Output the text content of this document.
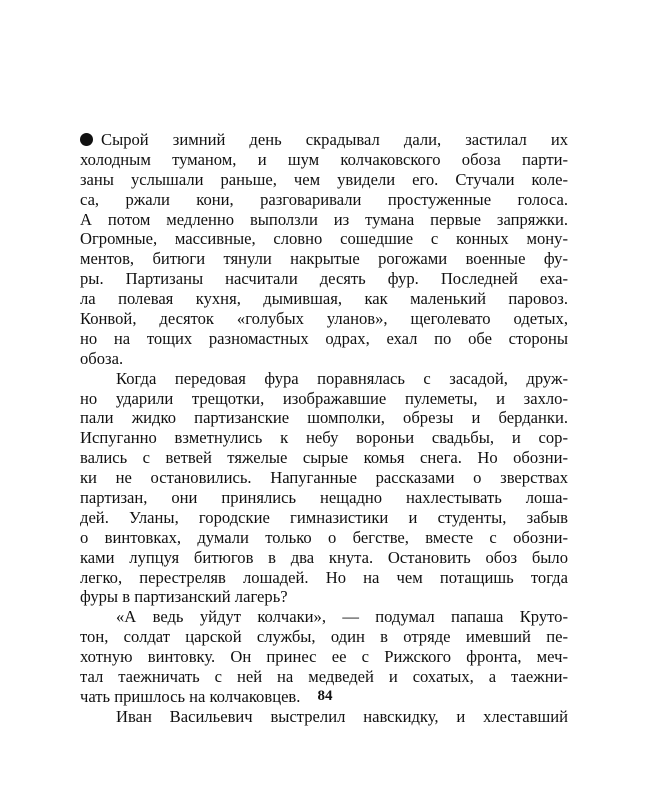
Сырой зимний день скрадывал дали, застилал их
холодным туманом, и шум колчаковского обоза парти-
заны услышали раньше, чем увидели его. Стучали коле-
са, ржали кони, разговаривали простуженные голоса.
А потом медленно выползли из тумана первые запряжки.
Огромные, массивные, словно сошедшие с конных мону-
ментов, битюги тянули накрытые рогожами военные фу-
ры. Партизаны насчитали десять фур. Последней еха-
ла полевая кухня, дымившая, как маленький паровоз.
Конвой, десяток «голубых уланов», щеголевато одетых,
но на тощих разномастных одрах, ехал по обе стороны
обоза.
Когда передовая фура поравнялась с засадой, друж-
но ударили трещотки, изображавшие пулеметы, и захло-
пали жидко партизанские шомполки, обрезы и берданки.
Испуганно взметнулись к небу вороньи свадьбы, и сор-
вались с ветвей тяжелые сырые комья снега. Но обозни-
ки не остановились. Напуганные рассказами о зверствах
партизан, они принялись нещадно нахлестывать лоша-
дей. Уланы, городские гимназистики и студенты, забыв
о винтовках, думали только о бегстве, вместе с обозни-
ками лупцуя битюгов в два кнута. Остановить обоз было
легко, перестреляв лошадей. Но на чем потащишь тогда
фуры в партизанский лагерь?
«А ведь уйдут колчаки», — подумал папаша Круто-
тон, солдат царской службы, один в отряде имевший пе-
хотную винтовку. Он принес ее с Рижского фронта, меч-
тал таежничать с ней на медведей и сохатых, а таежни-
чать пришлось на колчаковцев.
Иван Васильевич выстрелил навскидку, и хлеставший
84
